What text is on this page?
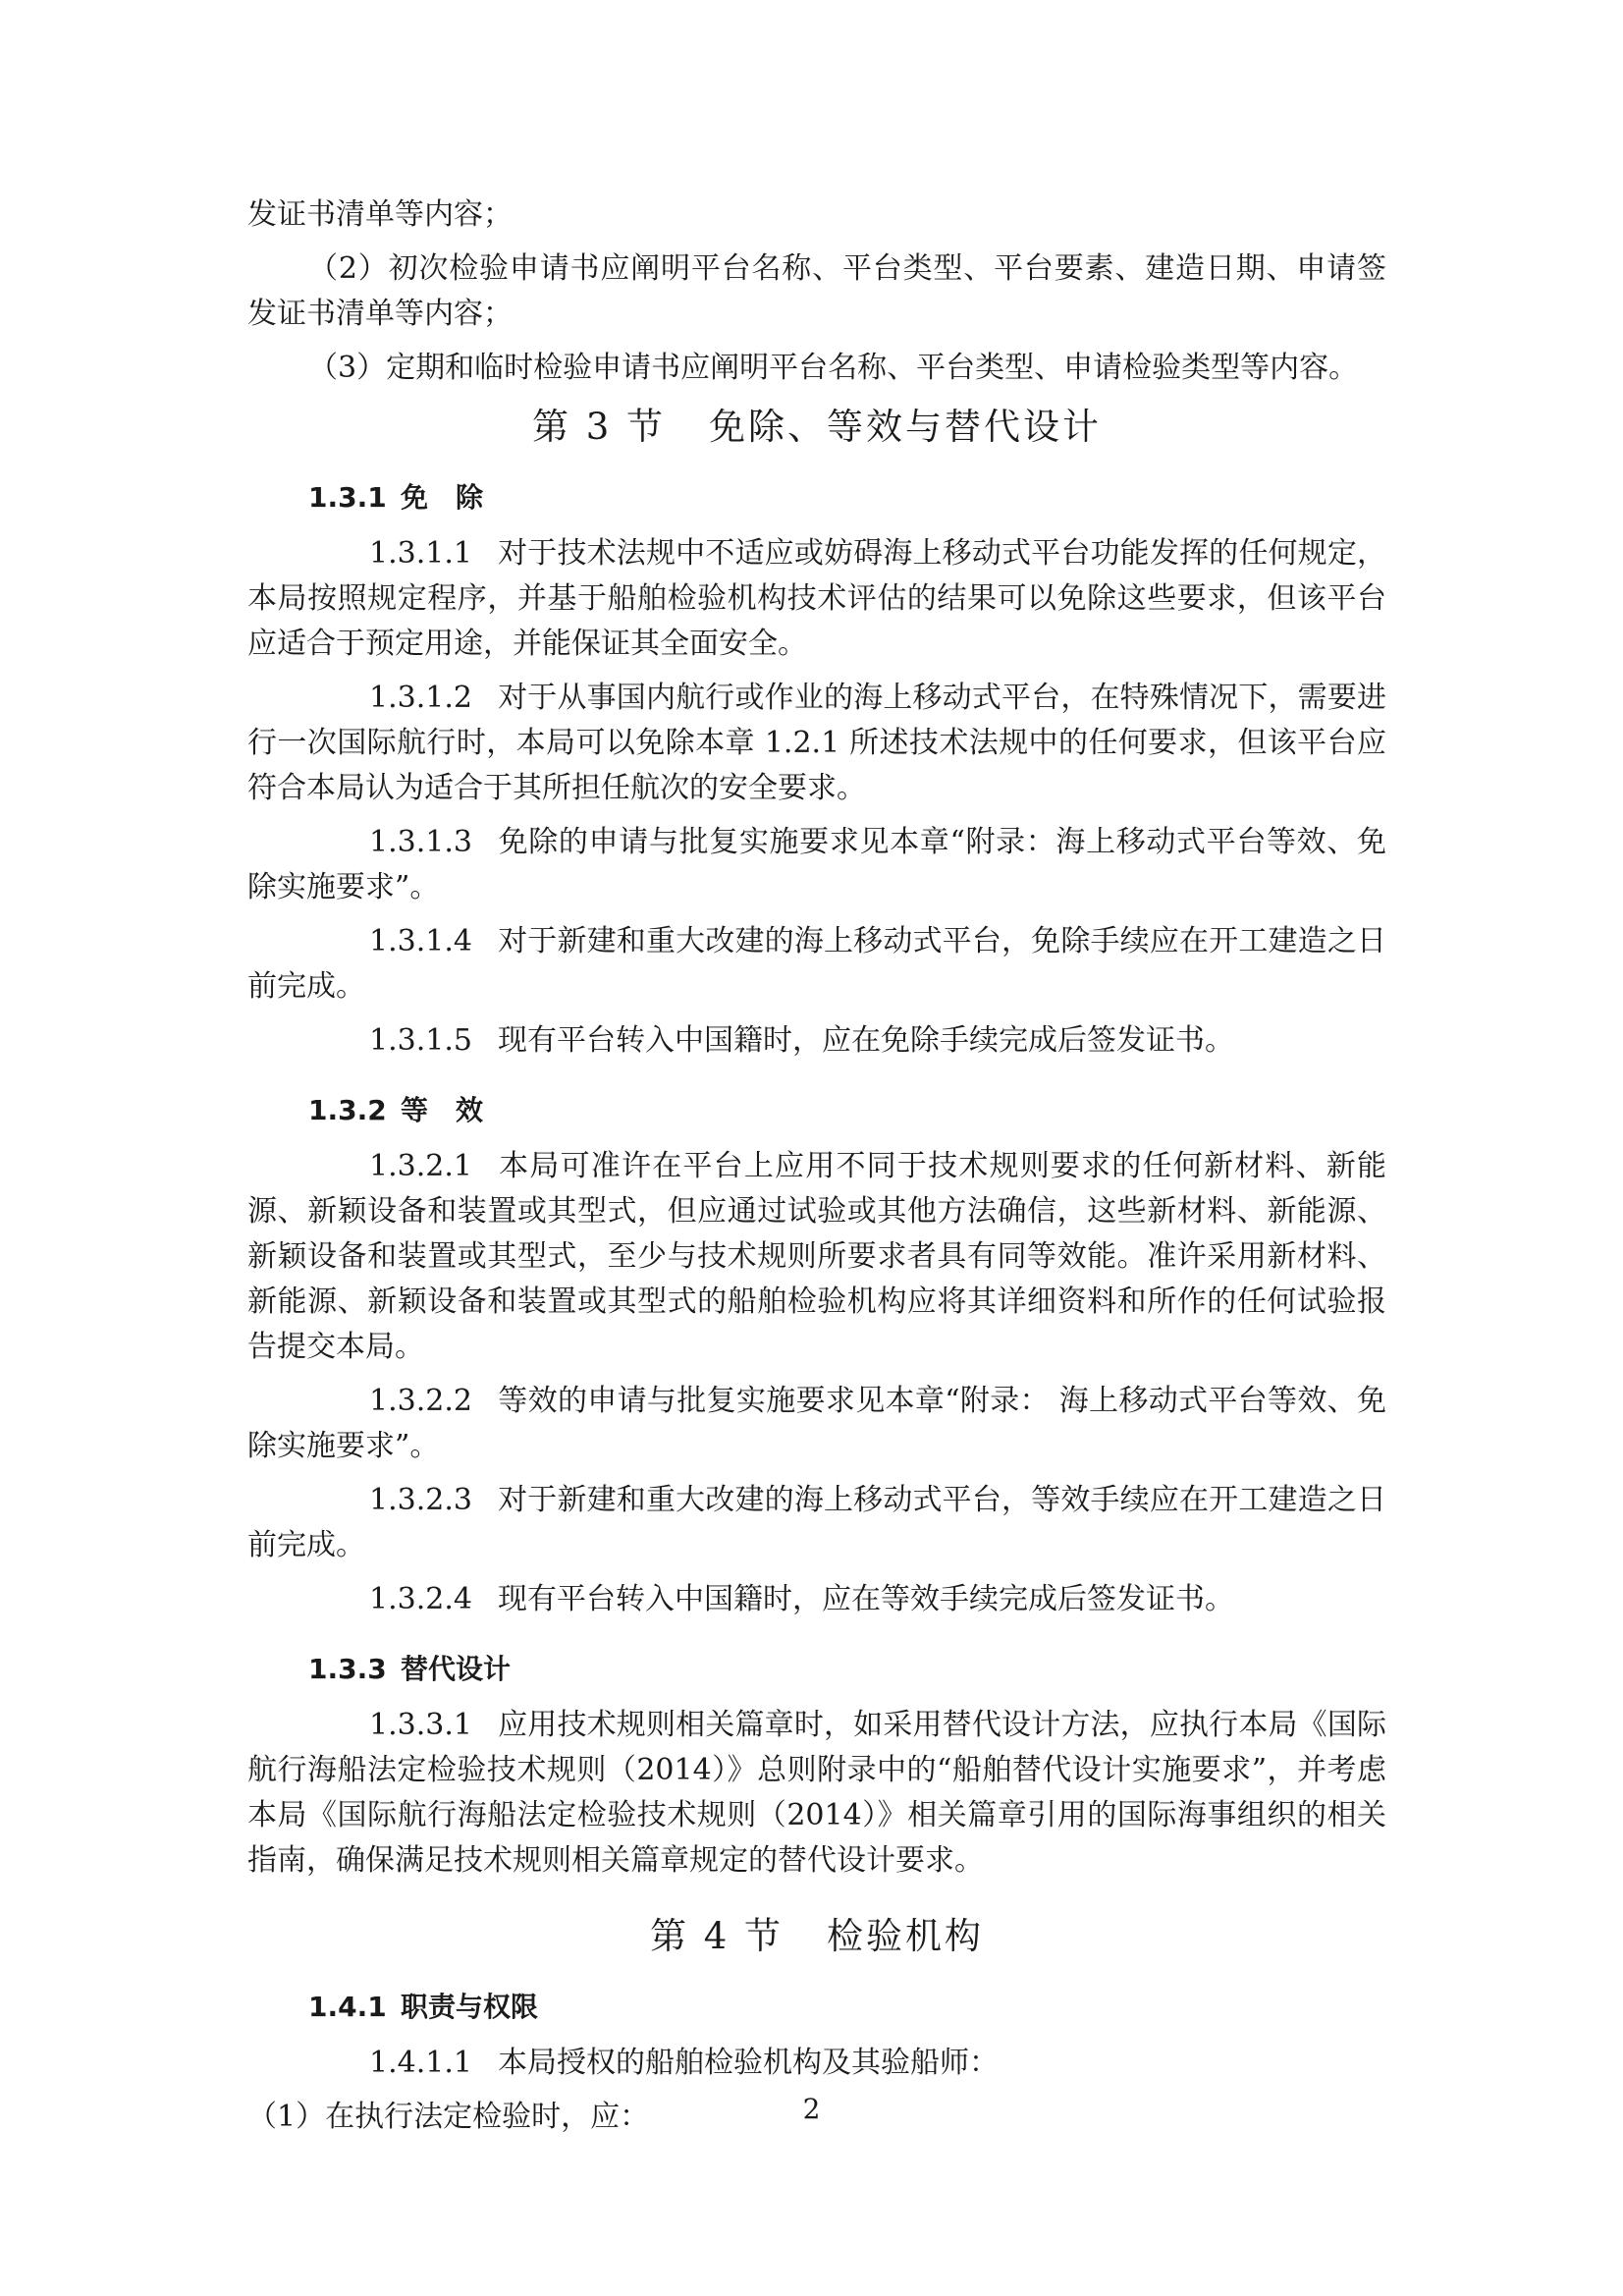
发证书清单等内容；

（2）初次检验申请书应阐明平台名称、平台类型、平台要素、建造日期、申请签发证书清单等内容；

（3）定期和临时检验申请书应阐明平台名称、平台类型、申请检验类型等内容。

第 3 节 免除、等效与替代设计
1.3.1 免　除

1.3.1.1 对于技术法规中不适应或妨碍海上移动式平台功能发挥的任何规定，本局按照规定程序，并基于船舶检验机构技术评估的结果可以免除这些要求，但该平台应适合于预定用途，并能保证其全面安全。

1.3.1.2 对于从事国内航行或作业的海上移动式平台，在特殊情况下，需要进行一次国际航行时，本局可以免除本章 1.2.1 所述技术法规中的任何要求，但该平台应符合本局认为适合于其所担任航次的安全要求。

1.3.1.3 免除的申请与批复实施要求见本章“附录：海上移动式平台等效、免除实施要求”。

1.3.1.4 对于新建和重大改建的海上移动式平台，免除手续应在开工建造之日前完成。

1.3.1.5 现有平台转入中国籍时，应在免除手续完成后签发证书。

1.3.2 等　效

1.3.2.1 本局可准许在平台上应用不同于技术规则要求的任何新材料、新能源、新颖设备和装置或其型式，但应通过试验或其他方法确信，这些新材料、新能源、新颖设备和装置或其型式，至少与技术规则所要求者具有同等效能。准许采用新材料、新能源、新颖设备和装置或其型式的船舶检验机构应将其详细资料和所作的任何试验报告提交本局。

1.3.2.2 等效的申请与批复实施要求见本章“附录： 海上移动式平台等效、免除实施要求”。

1.3.2.3 对于新建和重大改建的海上移动式平台，等效手续应在开工建造之日前完成。

1.3.2.4 现有平台转入中国籍时，应在等效手续完成后签发证书。

1.3.3 替代设计

1.3.3.1 应用技术规则相关篇章时，如采用替代设计方法，应执行本局《国际航行海船法定检验技术规则（2014）》总则附录中的“船舶替代设计实施要求”，并考虑本局《国际航行海船法定检验技术规则（2014）》相关篇章引用的国际海事组织的相关指南，确保满足技术规则相关篇章规定的替代设计要求。

第 4 节 检验机构
1.4.1 职责与权限

1.4.1.1 本局授权的船舶检验机构及其验船师：

（1）在执行法定检验时，应：	2
